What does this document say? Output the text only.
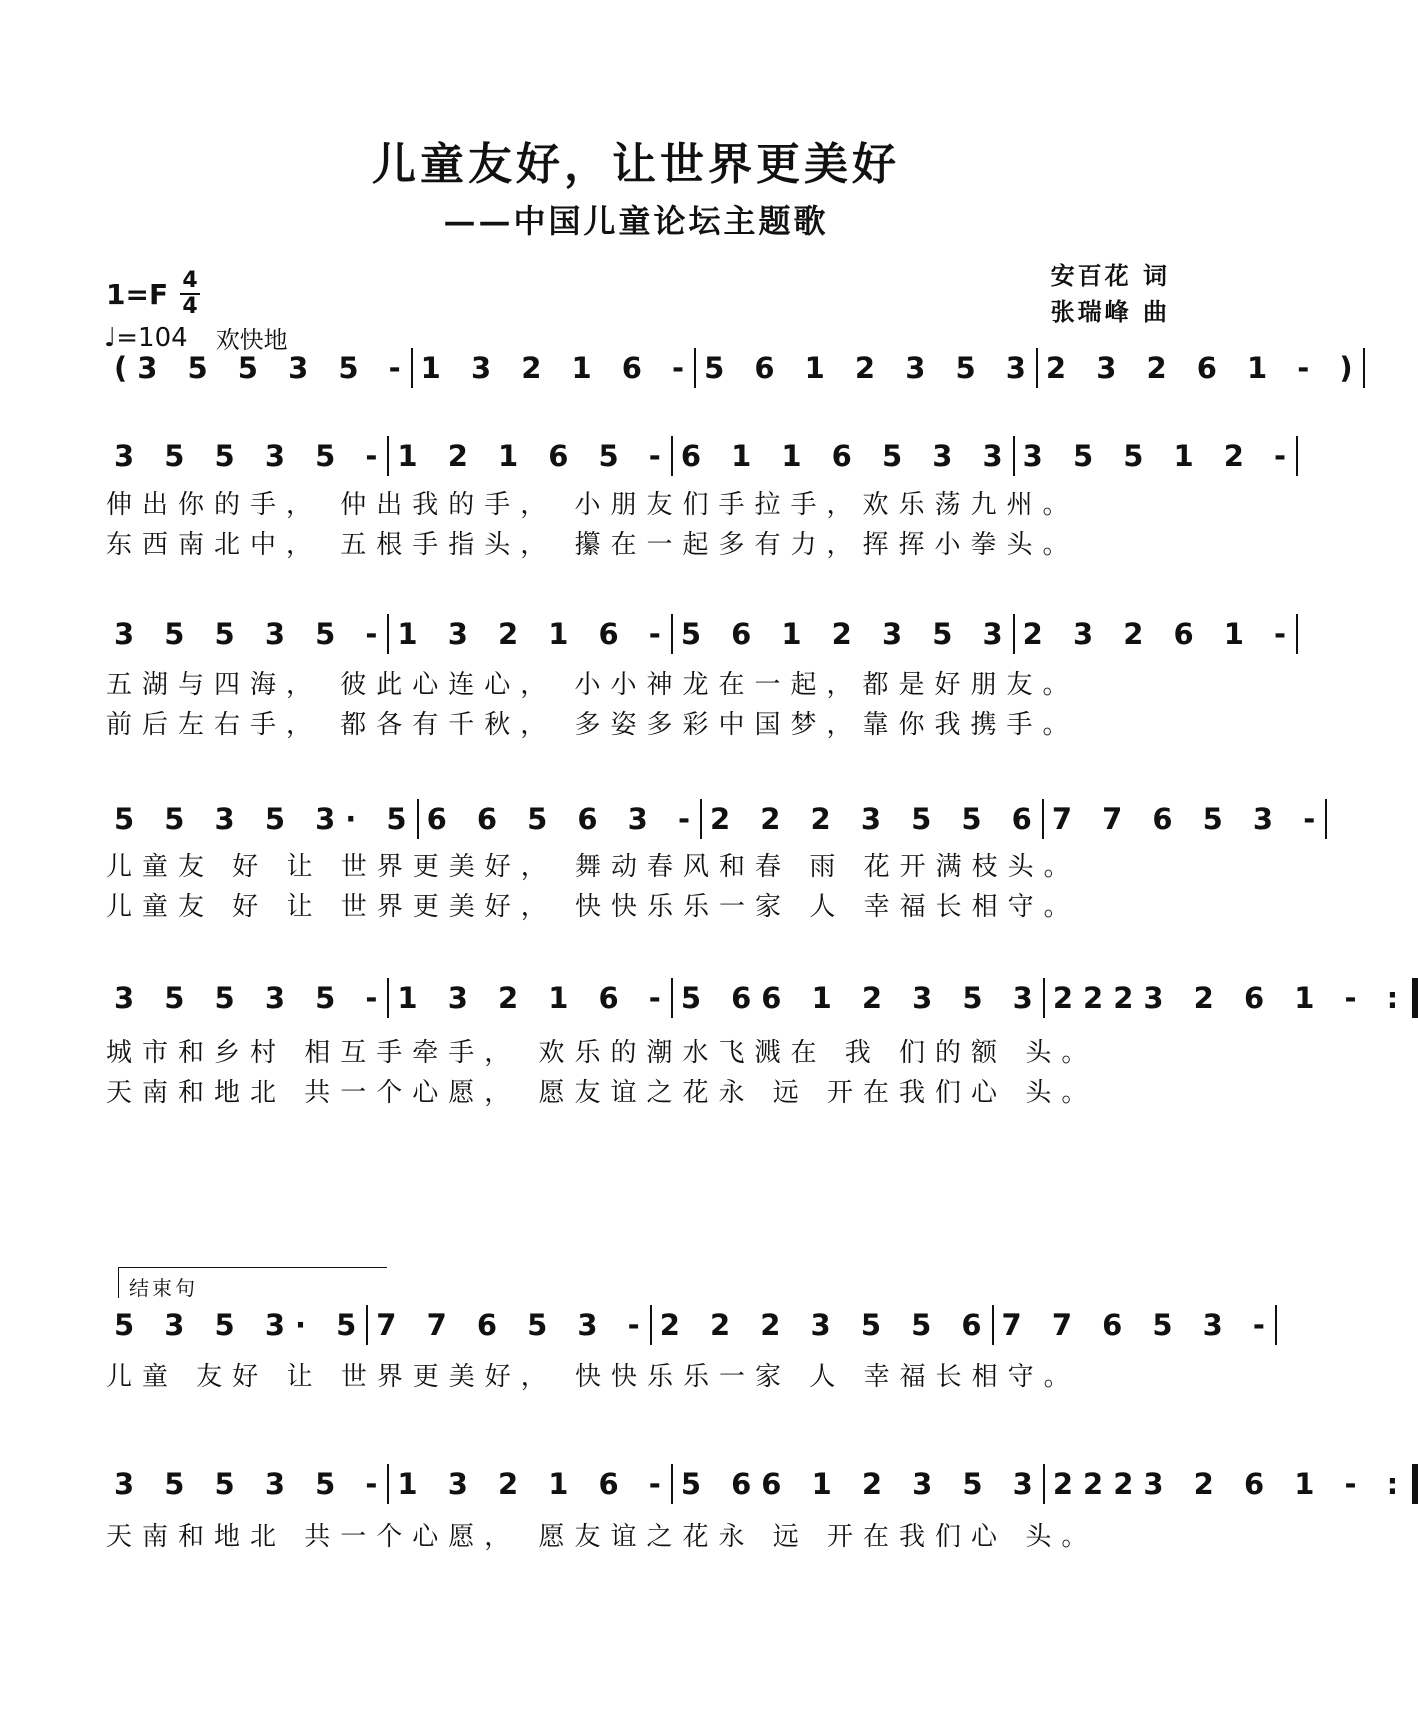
儿童友好，让世界更美好
——中国儿童论坛主题歌
1=F 4
4
♩ =104 欢快地
安百花 词
张瑞峰 曲
(3 5 5 3 5 - 1 3 2 1 6 - 5 6 1 2 3 5 3 2 3 2 6 1 - )
3 5 5 3 5 - 1 2 1 6 5 - 6 1 1 6 5 3 3 3 5 5 1 2 -
伸出你的手， 仲出我的手， 小朋友们手拉手，欢乐荡九州。
东西南北中， 五根手指头， 攥在一起多有力，挥挥小拳头。
3 5 5 3 5 - 1 3 2 1 6 - 5 6 1 2 3 5 3 2 3 2 6 1 -
五湖与四海， 彼此心连心， 小小神龙在一起，都是好朋友。
前后左右手， 都各有千秋， 多姿多彩中国梦，靠你我携手。
5 5 3 5 3· 5 6 6 5 6 3 - 2 2 2 3 5 5 6 7 7 6 5 3 -
儿童友 好 让 世界更美好， 舞动春风和春 雨 花开满枝头。
儿童友 好 让 世界更美好， 快快乐乐一家 人 幸福长相守。
3 5 5 3 5 - 1 3 2 1 6 - 5 66 1 2 3 5 3 2223 2 6 1 - :
城市和乡村 相互手牵手， 欢乐的潮水飞溅在 我 们的额 头。
天南和地北 共一个心愿， 愿友谊之花永 远 开在我们心 头。
结束句
5 3 5 3· 5 7 7 6 5 3 - 2 2 2 3 5 5 6 7 7 6 5 3 -
儿童 友好 让 世界更美好， 快快乐乐一家 人 幸福长相守。
3 5 5 3 5 - 1 3 2 1 6 - 5 66 1 2 3 5 3 2223 2 6 1 - :
天南和地北 共一个心愿， 愿友谊之花永 远 开在我们心 头。
